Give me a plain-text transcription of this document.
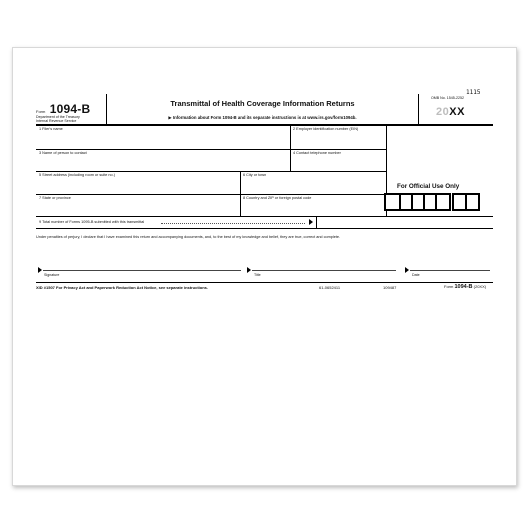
1115
Form 1094-B
Department of the Treasury
Internal Revenue Service
Transmittal of Health Coverage Information Returns
▶ Information about Form 1094-B and its separate instructions is at www.irs.gov/form1094b.
OMB No. 1545-2252
20XX
1 Filer's name	2 Employer identification number (EIN)
3 Name of person to contact	4 Contact telephone number
5 Street address (including room or suite no.)	6 City or town
7 State or province	8 Country and ZIP or foreign postal code
9 Total number of Forms 1095-B submitted with this transmittal
For Official Use Only
Under penalties of perjury, I declare that I have examined this return and accompanying documents, and, to the best of my knowledge and belief, they are true, correct and complete.
Signature	Title	Date
XID #1507 For Privacy Act and Paperwork Reduction Act Notice, see separate instructions.	61-0652411	109487	Form 1094-B (20XX)
